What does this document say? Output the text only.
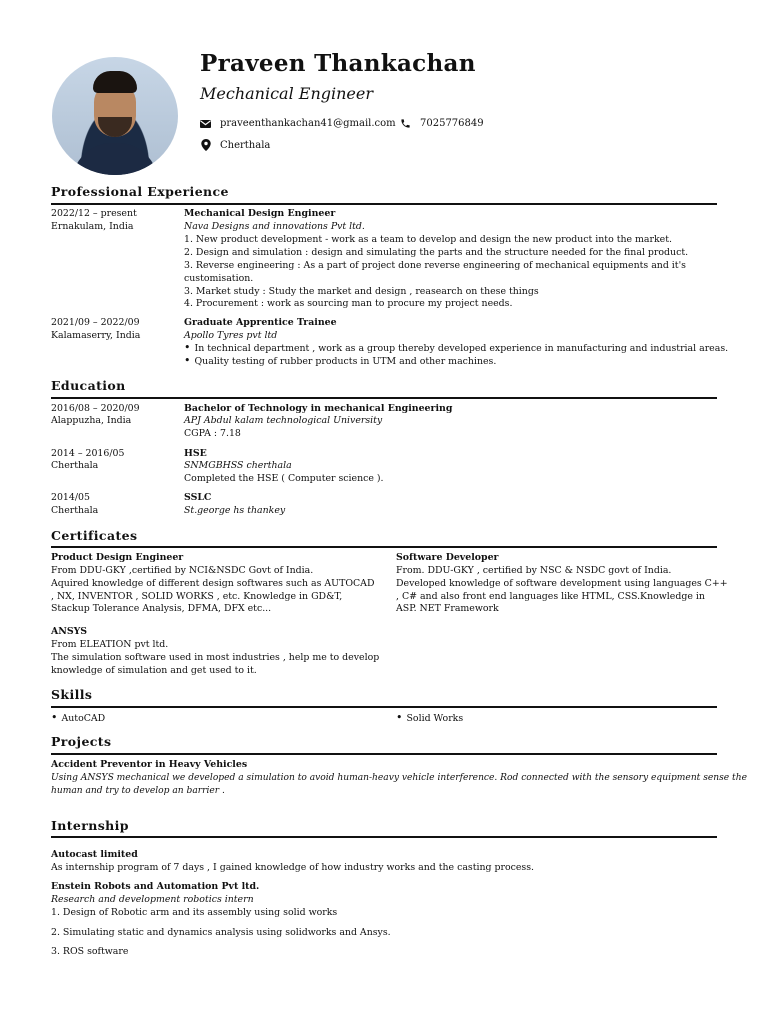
Praveen Thankachan
Mechanical Engineer
praveenthankachan41@gmail.com 7025776849
Cherthala
Professional Experience
2022/12 – present
Ernakulam, India
Mechanical Design Engineer
Nava Designs and innovations Pvt ltd.
1. New product development - work as a team to develop and design the new product into the market.
2. Design and simulation : design and simulating the parts and the structure needed for the final product.
3. Reverse engineering : As a part of project done reverse engineering of mechanical equipments and it's
customisation.
3. Market study : Study the market and design , reasearch on these things
4. Procurement : work as sourcing man to procure my project needs.
2021/09 – 2022/09
Kalamaserry, India
Graduate Apprentice Trainee
Apollo Tyres pvt ltd
• In technical department , work as a group thereby developed experience in manufacturing and industrial areas.
• Quality testing of rubber products in UTM and other machines.
Education
2016/08 – 2020/09
Alappuzha, India
Bachelor of Technology in mechanical Engineering
APJ Abdul kalam technological University
CGPA : 7.18
2014 – 2016/05
Cherthala
HSE
SNMGBHSS cherthala
Completed the HSE ( Computer science ).
2014/05
Cherthala
SSLC
St.george hs thankey
Certificates
Product Design Engineer
From DDU-GKY ,certified by NCI&NSDC Govt of India.
Aquired knowledge of different design softwares such as AUTOCAD
, NX, INVENTOR , SOLID WORKS , etc. Knowledge in GD&T,
Stackup Tolerance Analysis, DFMA, DFX etc...
Software Developer
From. DDU-GKY , certified by NSC & NSDC govt of India.
Developed knowledge of software development using languages C++
, C# and also front end languages like HTML, CSS.Knowledge in
ASP. NET Framework
ANSYS
From ELEATION pvt ltd.
The simulation software used in most industries , help me to develop
knowledge of simulation and get used to it.
Skills
• AutoCAD
•	Solid Works
Projects
Accident Preventor in Heavy Vehicles
Using ANSYS mechanical we developed a simulation to avoid human-heavy vehicle interference. Rod connected with the sensory equipment sense the
human and try to develop an barrier .
Internship
Autocast limited
As internship program of 7 days , I gained knowledge of how industry works and the casting process.
Enstein Robots and Automation Pvt ltd.
Research and development robotics intern
1. Design of Robotic arm and its assembly using solid works
2. Simulating static and dynamics analysis using solidworks and Ansys.
3. ROS software
